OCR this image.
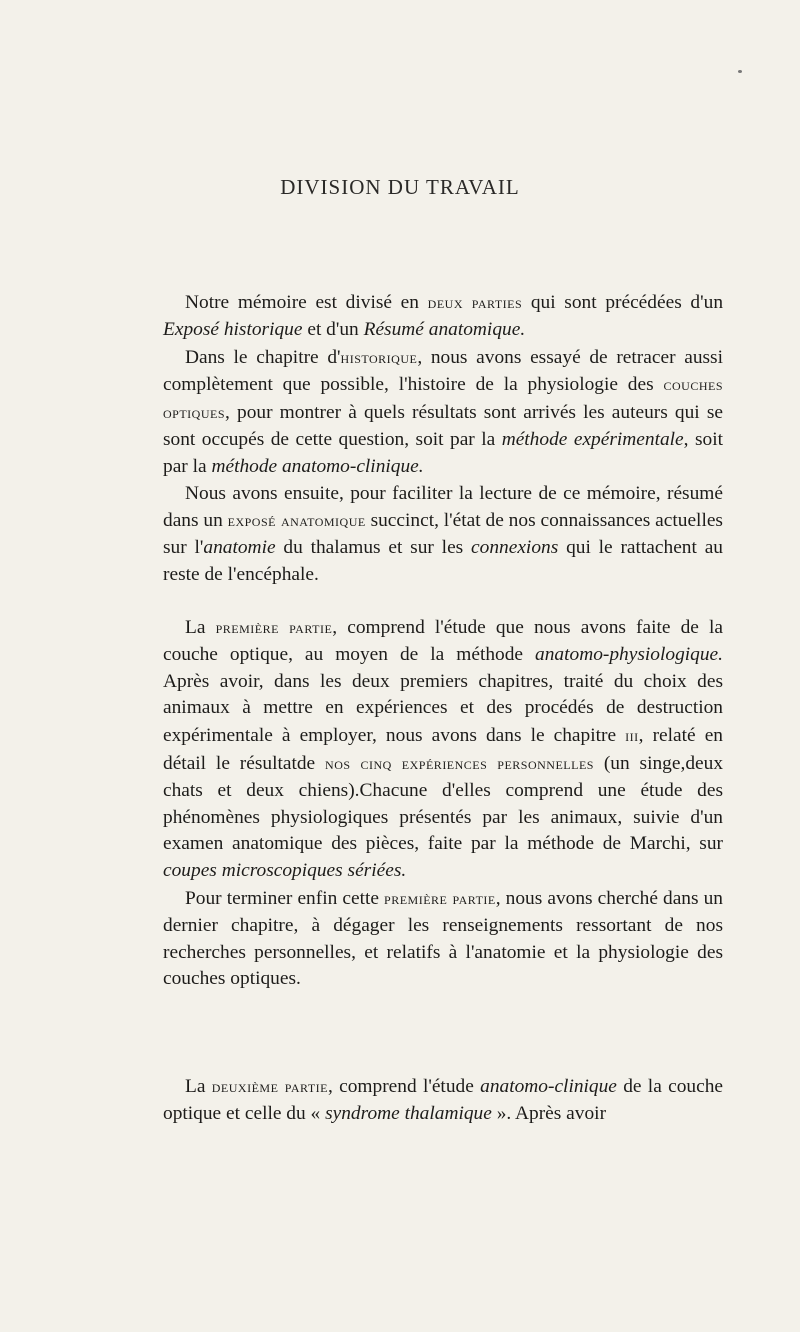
DIVISION DU TRAVAIL
Notre mémoire est divisé en deux parties qui sont précédées d'un Exposé historique et d'un Résumé anatomique.
Dans le chapitre d'historique, nous avons essayé de retracer aussi complètement que possible, l'histoire de la physiologie des couches optiques, pour montrer à quels résultats sont arrivés les auteurs qui se sont occupés de cette question, soit par la méthode expérimentale, soit par la méthode anatomo-clinique.
Nous avons ensuite, pour faciliter la lecture de ce mémoire, résumé dans un exposé anatomique succinct, l'état de nos connaissances actuelles sur l'anatomie du thalamus et sur les connexions qui le rattachent au reste de l'encéphale.
La première partie, comprend l'étude que nous avons faite de la couche optique, au moyen de la méthode anatomo-physiologique. Après avoir, dans les deux premiers chapitres, traité du choix des animaux à mettre en expériences et des procédés de destruction expérimentale à employer, nous avons dans le chapitre iii, relaté en détail le résultatde nos cinq expériences personnelles (un singe,deux chats et deux chiens).Chacune d'elles comprend une étude des phénomènes physiologiques présentés par les animaux, suivie d'un examen anatomique des pièces, faite par la méthode de Marchi, sur coupes microscopiques sériées.
Pour terminer enfin cette première partie, nous avons cherché dans un dernier chapitre, à dégager les renseignements ressortant de nos recherches personnelles, et relatifs à l'anatomie et la physiologie des couches optiques.
La deuxième partie, comprend l'étude anatomo-clinique de la couche optique et celle du « syndrome thalamique ». Après avoir
